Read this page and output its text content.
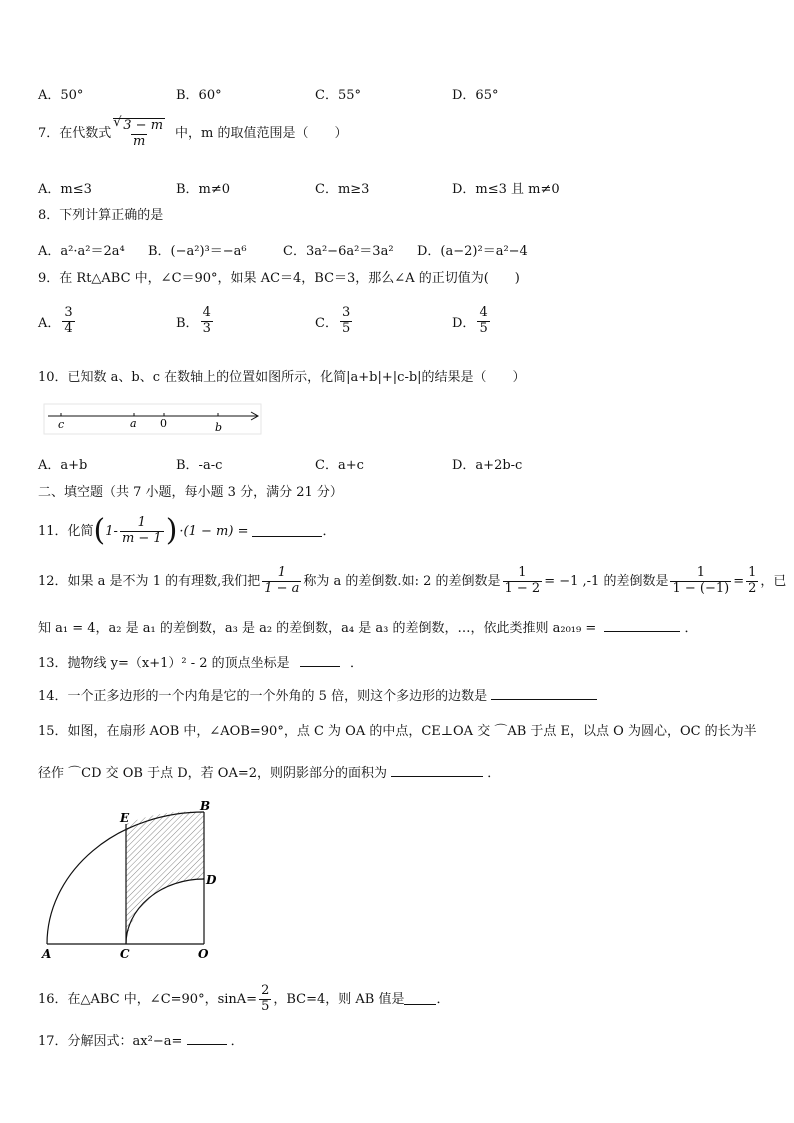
A．50°	B．60°	C．55°	D．65°
7．在代数式 $\frac{√ 3 - m}{m}$ 中，m 的取值范围是（　　）
A．m≤3	B．m≠0	C．m≥3	D．m≤3 且 m≠0
8．下列计算正确的是
A．a²·a²＝2a⁴ B．(−a²)³＝−a⁶	C．3a²−6a²＝3a² D．(a−2)²＝a²−4
9．在 Rt△ABC 中，∠C＝90°，如果 AC＝4，BC＝3，那么∠A 的正切值为(　　)
A． $\frac{3}{4}$	B． $\frac{4}{3}$	C． $\frac{3}{5}$	D． $\frac{4}{5}$
10．已知数 a、b、c 在数轴上的位置如图所示，化简|a+b|+|c-b|的结果是（　　）
c	a 0	b
A．a+b	B．-a-c	C．a+c	D．a+2b-c
二、填空题（共 7 小题，每小题 3 分，满分 21 分）
11．化简 ( $1- \frac{1}{m - 1}$ ) ·(1 − m) =	．
12．如果 a 是不为 1 的有理数,我们把 $\frac{1}{1 - a}$ 称为 a 的差倒数.如: 2 的差倒数是 $\frac{1}{1 - 2} = -1$ ,-1 的差倒数是 $\frac{1}{1 - (-1)} = \frac{1}{2}$ ，已
知 a₁ = 4，a₂ 是 a₁ 的差倒数，a₃ 是 a₂ 的差倒数，a₄ 是 a₃ 的差倒数，…，依此类推则 a₂₀₁₉ =	．
13．抛物线 y=（x+1）² - 2 的顶点坐标是	．
14．一个正多边形的一个内角是它的一个外角的 5 倍，则这个多边形的边数是
15．如图，在扇形 AOB 中，∠AOB=90°，点 C 为 OA 的中点，CE⊥OA 交 ⌒AB 于点 E，以点 O 为圆心，OC 的长为半
径作 ⌒CD 交 OB 于点 D，若 OA=2，则阴影部分的面积为	．
E
B
D
A	C	O
16．在△ABC 中，∠C=90°，$\sin A= \frac{2}{5}$ ，BC=4，则 AB 值是 ．
17．分解因式：ax²−a=	．
